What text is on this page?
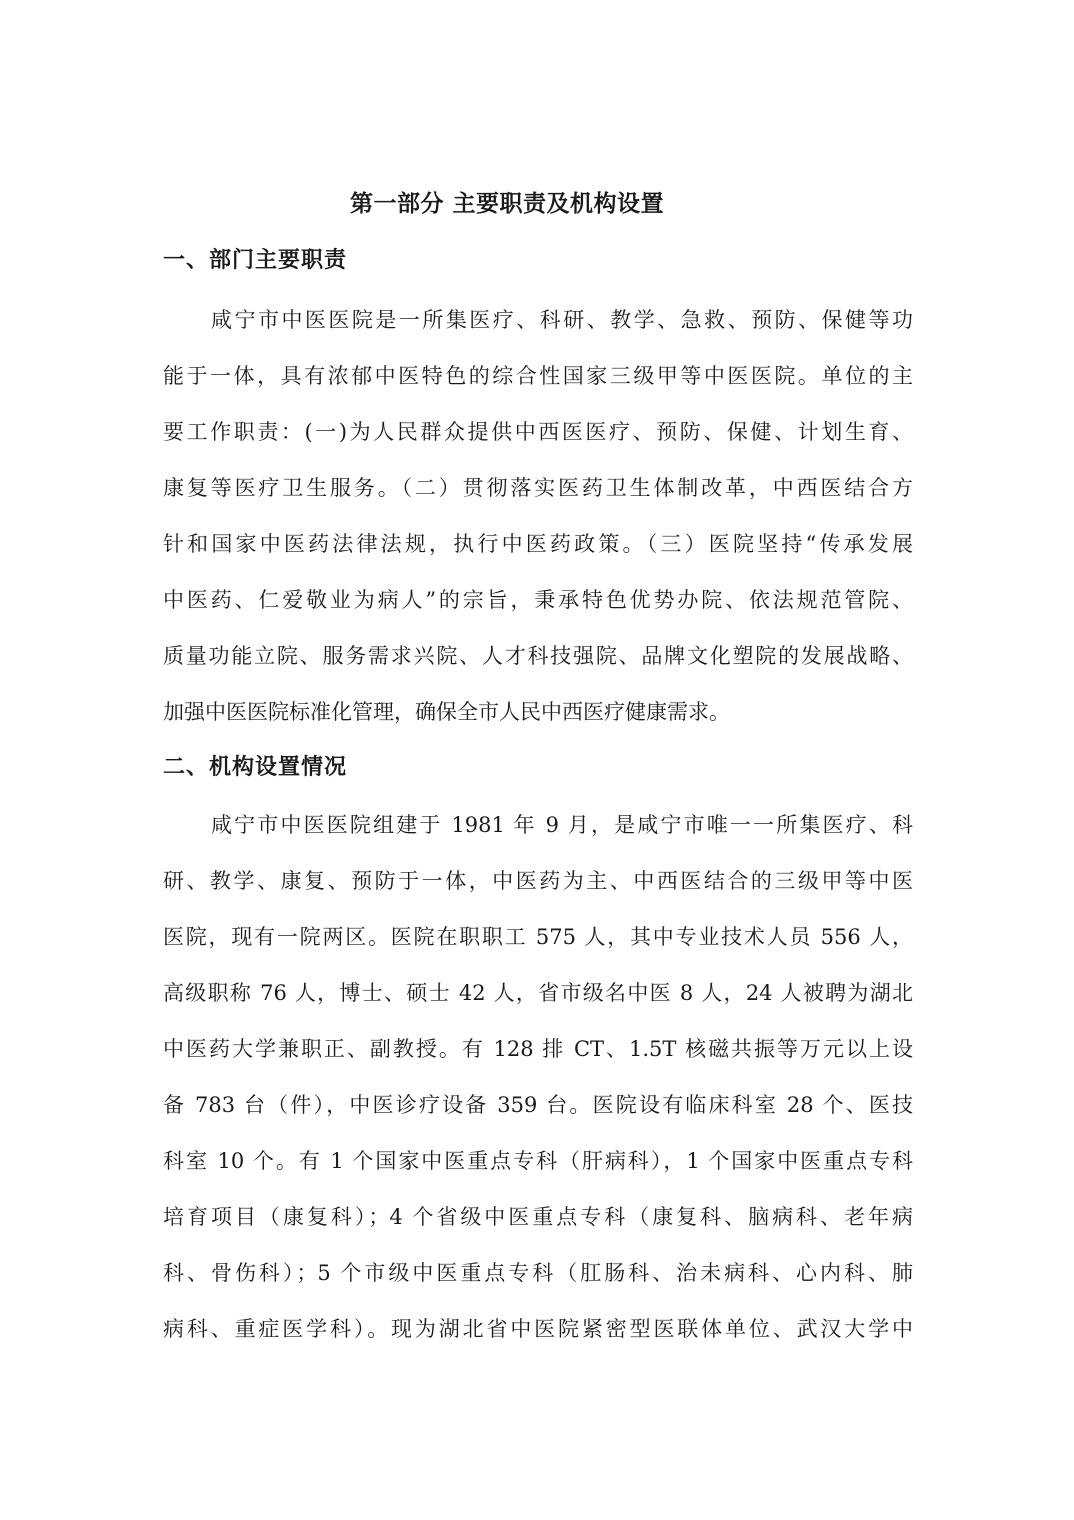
第一部分 主要职责及机构设置
一、部门主要职责
咸宁市中医医院是一所集医疗、科研、教学、急救、预防、保健等功
能于一体，具有浓郁中医特色的综合性国家三级甲等中医医院。单位的主
要工作职责：(一)为人民群众提供中西医医疗、预防、保健、计划生育、
康复等医疗卫生服务。（二）贯彻落实医药卫生体制改革，中西医结合方
针和国家中医药法律法规，执行中医药政策。（三）医院坚持“传承发展
中医药、仁爱敬业为病人”的宗旨，秉承特色优势办院、依法规范管院、
质量功能立院、服务需求兴院、人才科技强院、品牌文化塑院的发展战略、
加强中医医院标准化管理，确保全市人民中西医疗健康需求。
二、机构设置情况
咸宁市中医医院组建于 1981 年 9 月，是咸宁市唯一一所集医疗、科
研、教学、康复、预防于一体，中医药为主、中西医结合的三级甲等中医
医院，现有一院两区。医院在职职工 575 人，其中专业技术人员 556 人，
高级职称 76 人，博士、硕士 42 人，省市级名中医 8 人，24 人被聘为湖北
中医药大学兼职正、副教授。有 128 排 CT、1.5T 核磁共振等万元以上设
备 783 台（件），中医诊疗设备 359 台。医院设有临床科室 28 个、医技
科室 10 个。有 1 个国家中医重点专科（肝病科），1 个国家中医重点专科
培育项目（康复科）；4 个省级中医重点专科（康复科、脑病科、老年病
科、骨伤科）；5 个市级中医重点专科（肛肠科、治未病科、心内科、肺
病科、重症医学科）。现为湖北省中医院紧密型医联体单位、武汉大学中
